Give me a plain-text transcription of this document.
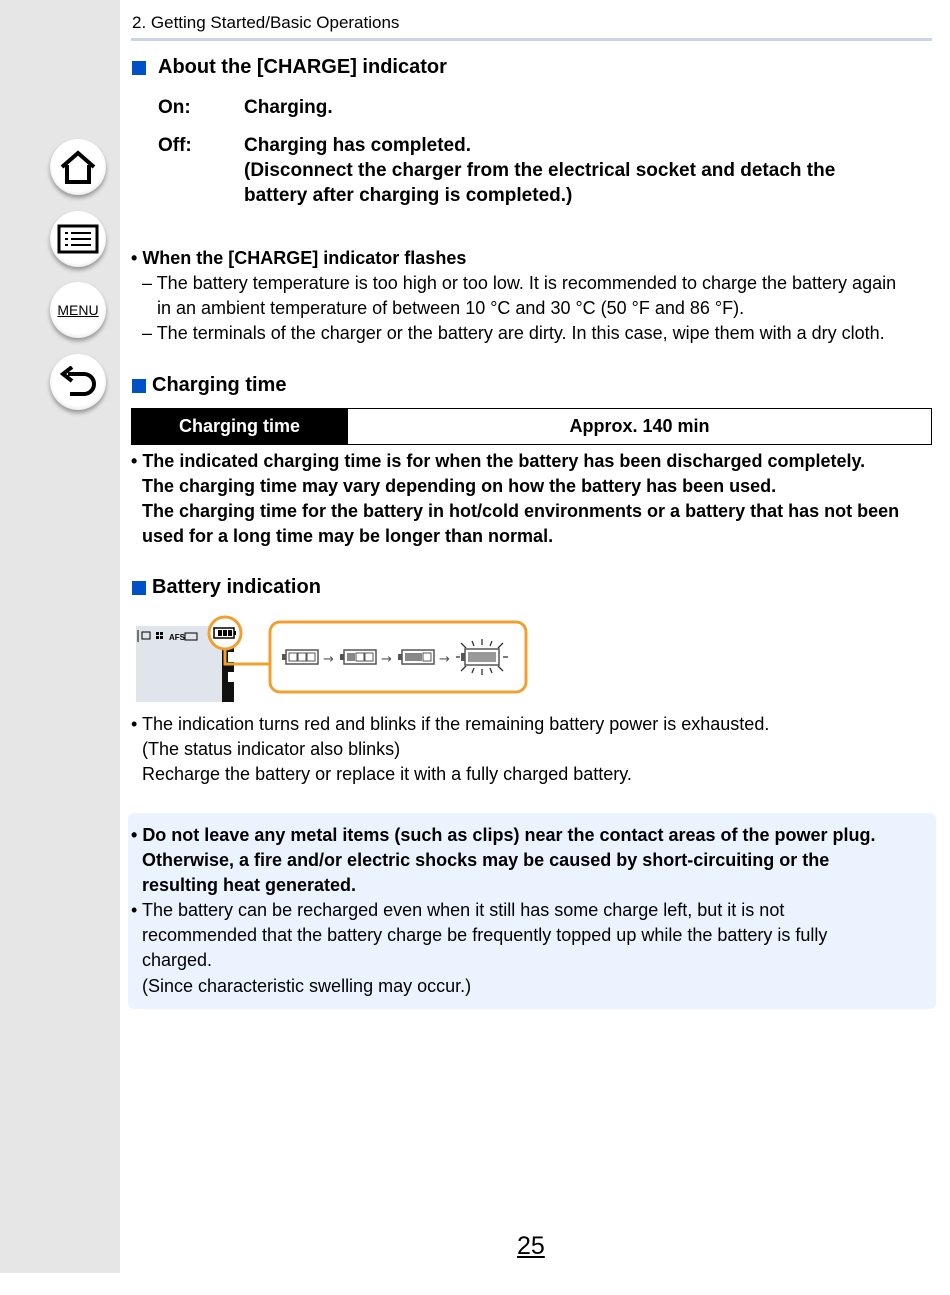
MENU
2. Getting Started/Basic Operations
About the [CHARGE] indicator
On:	Charging.
Off:	Charging has completed.
(Disconnect the charger from the electrical socket and detach the
battery after charging is completed.)
• When the [CHARGE] indicator flashes
– The battery temperature is too high or too low. It is recommended to charge the battery again
in an ambient temperature of between 10 °C and 30 °C (50 °F and 86 °F).
– The terminals of the charger or the battery are dirty. In this case, wipe them with a dry cloth.
Charging time
Charging time	Approx. 140 min
• The indicated charging time is for when the battery has been discharged completely.
The charging time may vary depending on how the battery has been used.
The charging time for the battery in hot/cold environments or a battery that has not been
used for a long time may be longer than normal.
Battery indication
AFS
→	→	→
• The indication turns red and blinks if the remaining battery power is exhausted.
(The status indicator also blinks)
Recharge the battery or replace it with a fully charged battery.
• Do not leave any metal items (such as clips) near the contact areas of the power plug.
Otherwise, a fire and/or electric shocks may be caused by short-circuiting or the
resulting heat generated.
• The battery can be recharged even when it still has some charge left, but it is not
recommended that the battery charge be frequently topped up while the battery is fully
charged.
(Since characteristic swelling may occur.)
25
